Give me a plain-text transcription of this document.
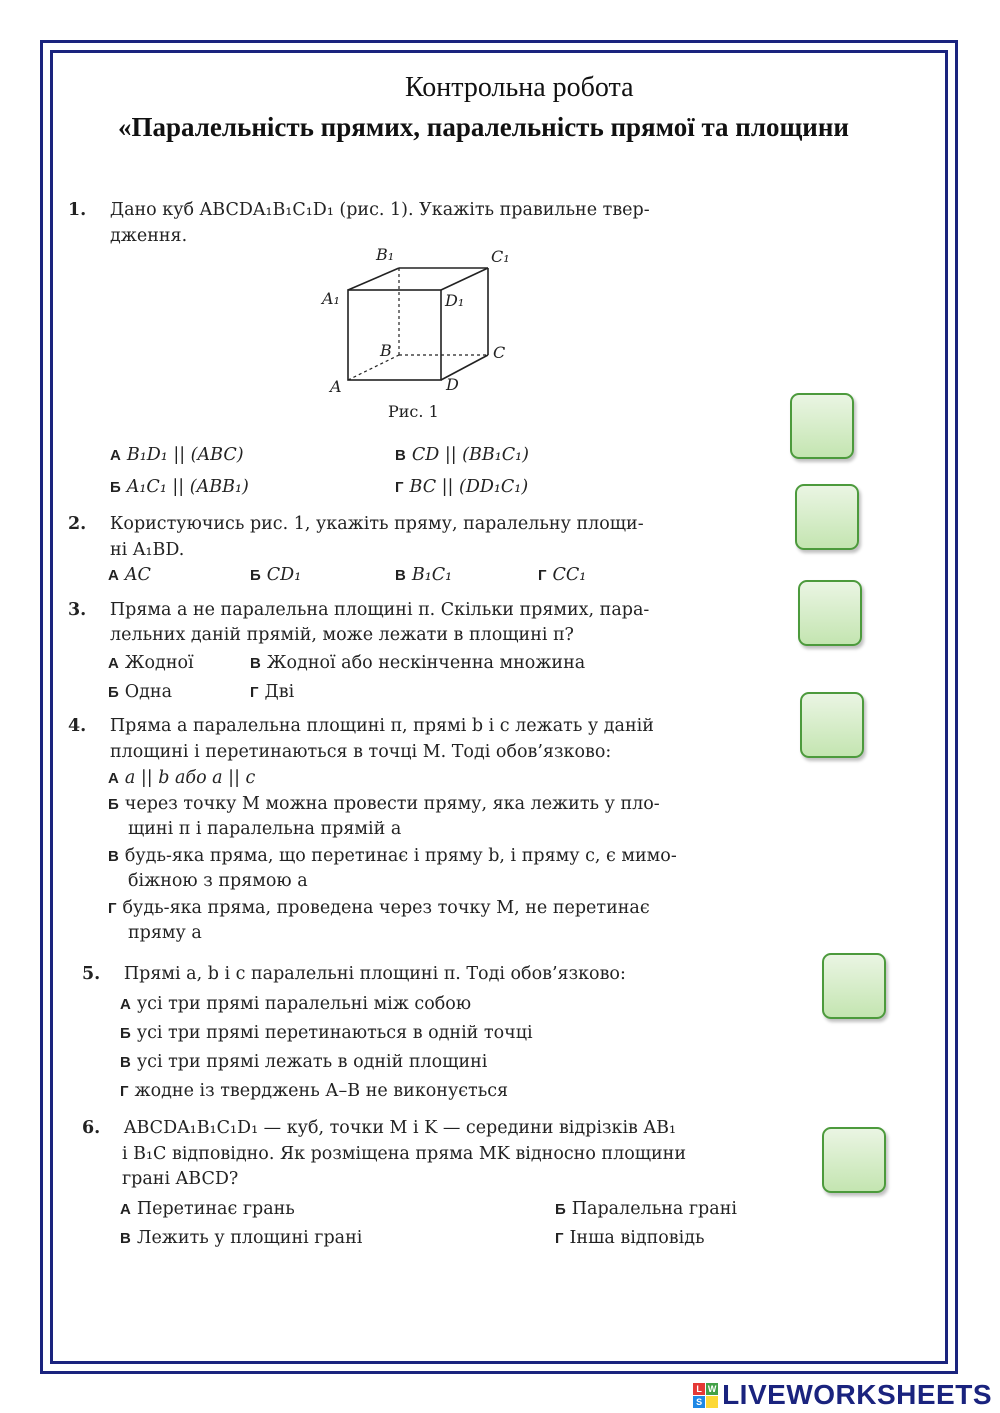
Контрольна робота
«Паралельність прямих, паралельність прямої та площини
1. Дано куб ABCDA₁B₁C₁D₁ (рис. 1). Укажіть правильне твер-
дження.
B₁	C₁
A₁	D₁
B	C
A	D
Рис. 1
А B₁D₁ || (ABC)	В CD || (BB₁C₁)
Б A₁C₁ || (ABB₁)	Г BC || (DD₁C₁)
2. Користуючись рис. 1, укажіть пряму, паралельну площи-
ні A₁BD.
А AC	Б CD₁	В B₁C₁	Г CC₁
3. Пряма a не паралельна площині π. Скільки прямих, пара-
лельних даній прямій, може лежати в площині π?
А Жодної	В Жодної або нескінченна множина
Б Одна	Г Дві
4. Пряма a паралельна площині π, прямі b і c лежать у даній
площині і перетинаються в точці M. Тоді обов’язково:
А a || b або a || c
Б через точку M можна провести пряму, яка лежить у пло-
щині π і паралельна прямій a
В будь-яка пряма, що перетинає і пряму b, і пряму c, є мимо-
біжною з прямою a
Г будь-яка пряма, проведена через точку M, не перетинає
пряму a
5. Прямі a, b і c паралельні площині π. Тоді обов’язково:
А усі три прямі паралельні між собою
Б усі три прямі перетинаються в одній точці
В усі три прямі лежать в одній площині
Г жодне із тверджень А–В не виконується
6. ABCDA₁B₁C₁D₁ — куб, точки M і K — середини відрізків AB₁
і B₁C відповідно. Як розміщена пряма MK відносно площини
грані ABCD?
А Перетинає грань	Б Паралельна грані
В Лежить у площині грані	Г Інша відповідь
L W
S LIVEWORKSHEETS
